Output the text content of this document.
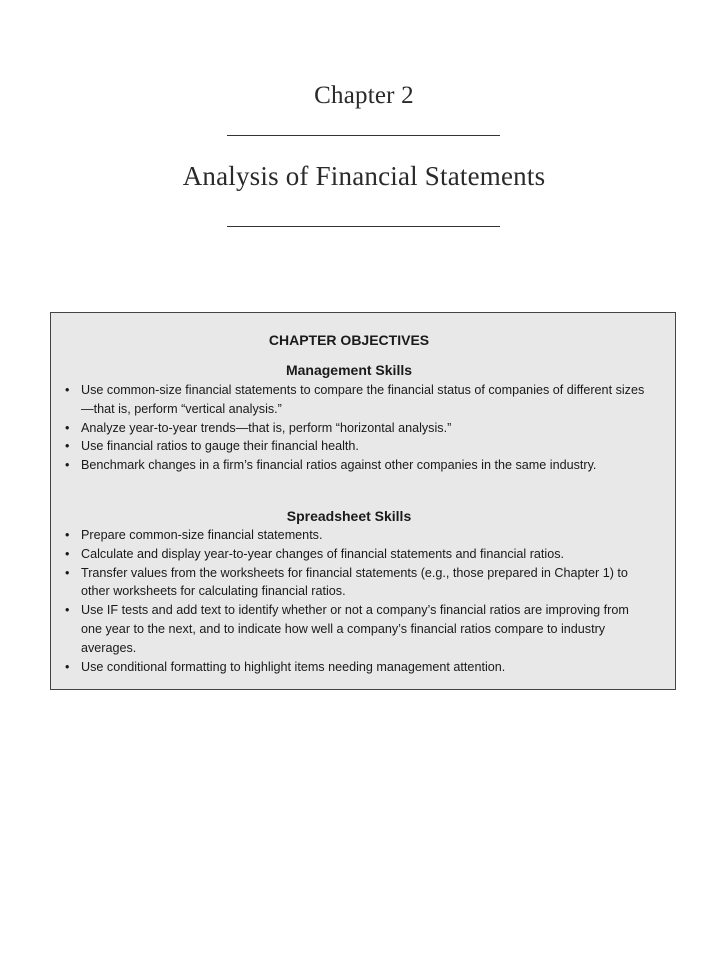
Chapter 2
Analysis of Financial Statements
CHAPTER OBJECTIVES
Management Skills
• Use common-size financial statements to compare the financial status of companies of different sizes—that is, perform “vertical analysis.”
• Analyze year-to-year trends—that is, perform “horizontal analysis.”
• Use financial ratios to gauge their financial health.
• Benchmark changes in a firm’s financial ratios against other companies in the same industry.
Spreadsheet Skills
• Prepare common-size financial statements.
• Calculate and display year-to-year changes of financial statements and financial ratios.
• Transfer values from the worksheets for financial statements (e.g., those prepared in Chapter 1) to other worksheets for calculating financial ratios.
• Use IF tests and add text to identify whether or not a company’s financial ratios are improving from one year to the next, and to indicate how well a company’s financial ratios compare to industry averages.
• Use conditional formatting to highlight items needing management attention.
